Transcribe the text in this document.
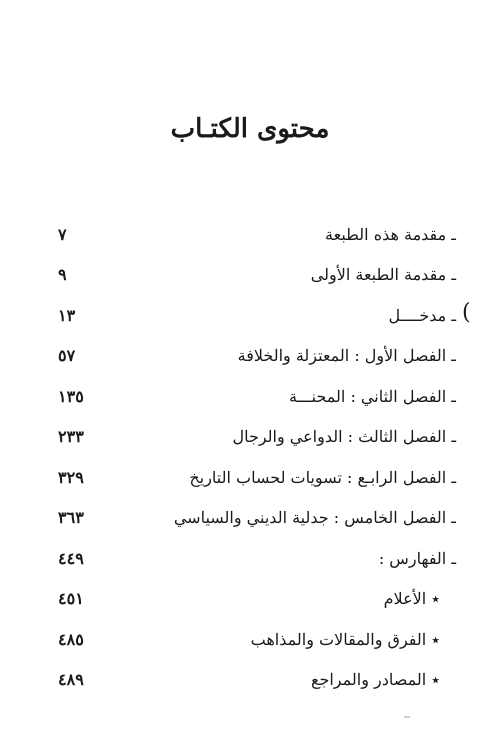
محتوى الكتـاب
ـ مقدمة هذه الطبعة
٧
ـ مقدمة الطبعة الأولى
٩
ـ مدخــــل
١٣
ـ الفصل الأول : المعتزلة والخلافة
٥٧
ـ الفصل الثاني : المحنـــة
١٣٥
ـ الفصل الثالث : الدواعي والرجال
٢٣٣
ـ الفصل الرابـع : تسويات لحساب التاريخ
٣٢٩
ـ الفصل الخامس : جدلية الديني والسياسي
٣٦٣
ـ الفهارس :
٤٤٩
٭ الأعلام
٤٥١
٭ الفرق والمقالات والمذاهب
٤٨٥
٭ المصادر والمراجع
٤٨٩
(
